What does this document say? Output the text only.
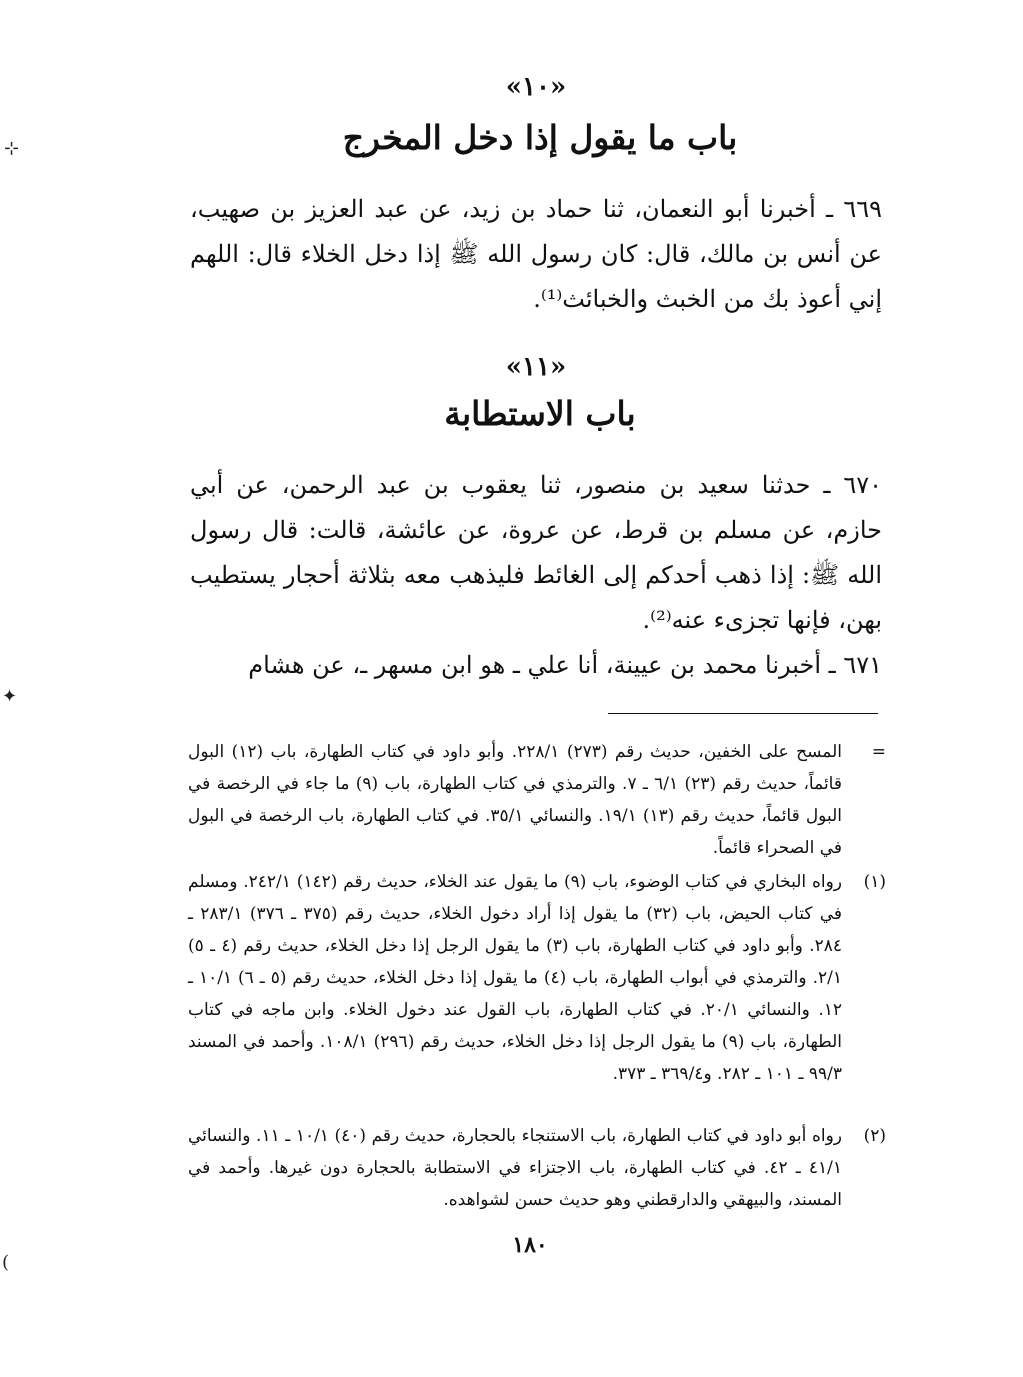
⊹
✦
(
«١٠»
باب ما يقول إذا دخل المخرج
٦٦٩ ـ أخبرنا أبو النعمان، ثنا حماد بن زيد، عن عبد العزيز بن صهيب، عن أنس بن مالك، قال: كان رسول الله ﷺ إذا دخل الخلاء قال: اللهم إني أعوذ بك من الخبث والخبائث⁽¹⁾.
«١١»
باب الاستطابة
٦٧٠ ـ حدثنا سعيد بن منصور، ثنا يعقوب بن عبد الرحمن، عن أبي حازم، عن مسلم بن قرط، عن عروة، عن عائشة، قالت: قال رسول الله ﷺ: إذا ذهب أحدكم إلى الغائط فليذهب معه بثلاثة أحجار يستطيب بهن، فإنها تجزىء عنه⁽²⁾.
٦٧١ ـ أخبرنا محمد بن عيينة، أنا علي ـ هو ابن مسهر ـ، عن هشام
=
المسح على الخفين، حديث رقم (٢٧٣) ٢٢٨/١. وأبو داود في كتاب الطهارة، باب (١٢) البول قائماً، حديث رقم (٢٣) ٦/١ ـ ٧. والترمذي في كتاب الطهارة، باب (٩) ما جاء في الرخصة في البول قائماً، حديث رقم (١٣) ١٩/١. والنسائي ٣٥/١. في كتاب الطهارة، باب الرخصة في البول في الصحراء قائماً.
(١)
رواه البخاري في كتاب الوضوء، باب (٩) ما يقول عند الخلاء، حديث رقم (١٤٢) ٢٤٢/١. ومسلم في كتاب الحيض، باب (٣٢) ما يقول إذا أراد دخول الخلاء، حديث رقم (٣٧٥ ـ ٣٧٦) ٢٨٣/١ ـ ٢٨٤. وأبو داود في كتاب الطهارة، باب (٣) ما يقول الرجل إذا دخل الخلاء، حديث رقم (٤ ـ ٥) ٢/١. والترمذي في أبواب الطهارة، باب (٤) ما يقول إذا دخل الخلاء، حديث رقم (٥ ـ ٦) ١٠/١ ـ ١٢. والنسائي ٢٠/١. في كتاب الطهارة، باب القول عند دخول الخلاء. وابن ماجه في كتاب الطهارة، باب (٩) ما يقول الرجل إذا دخل الخلاء، حديث رقم (٢٩٦) ١٠٨/١. وأحمد في المسند ٩٩/٣ ـ ١٠١ ـ ٢٨٢. و٣٦٩/٤ ـ ٣٧٣.
(٢)
رواه أبو داود في كتاب الطهارة، باب الاستنجاء بالحجارة، حديث رقم (٤٠) ١٠/١ ـ ١١. والنسائي ٤١/١ ـ ٤٢. في كتاب الطهارة، باب الاجتزاء في الاستطابة بالحجارة دون غيرها. وأحمد في المسند، والبيهقي والدارقطني وهو حديث حسن لشواهده.
١٨٠
